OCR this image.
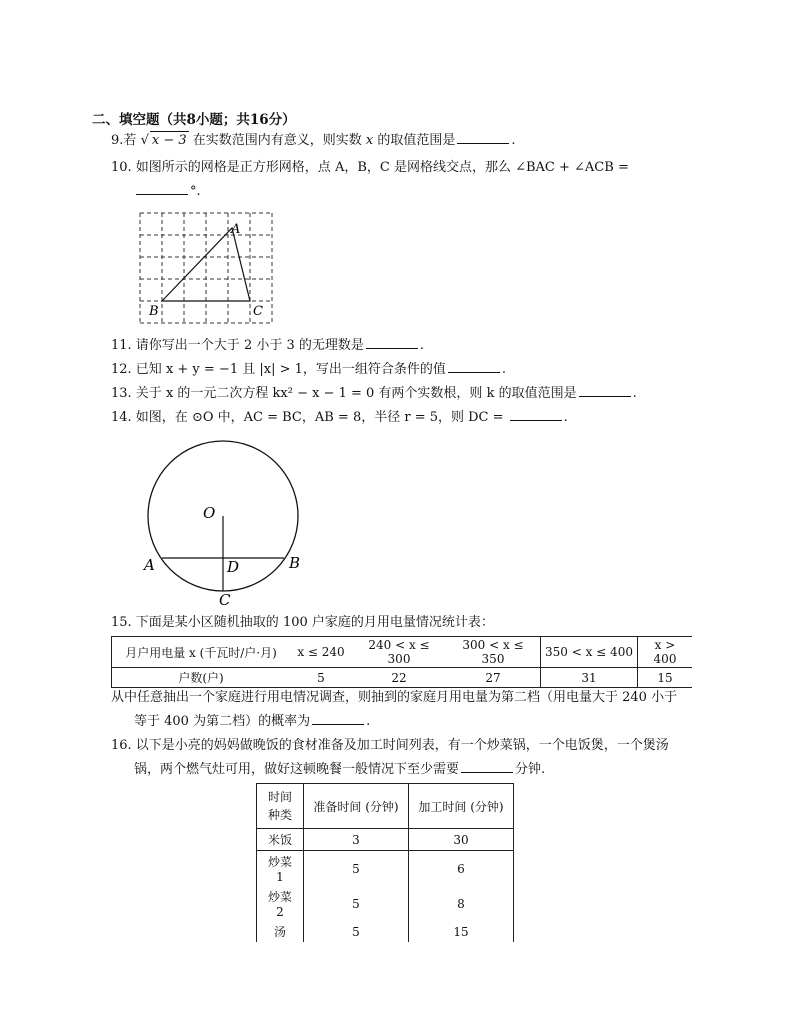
二、填空题（共8小题；共16分）
9.若 √ x − 3 在实数范围内有意义，则实数 x 的取值范围是	.
10. 如图所示的网格是正方形网格，点 A，B，C 是网格线交点，那么 ∠BAC + ∠ACB =
°.
A
B	C
11. 请你写出一个大于 2 小于 3 的无理数是	.
12. 已知 x + y = −1 且 |x| > 1，写出一组符合条件的值	.
13. 关于 x 的一元二次方程 kx² − x − 1 = 0 有两个实数根，则 k 的取值范围是	.
14. 如图，在 ⊙O 中，AC = BC，AB = 8，半径 r = 5，则 DC =	.
O
A	B
D
C
15. 下面是某小区随机抽取的 100 户家庭的月用电量情况统计表：
月户用电量 x (千瓦时/户·月)	x ≤ 240	240 < x ≤ 300	300 < x ≤ 350	350 < x ≤ 400	x > 400
户数(户)	5	22	27	31	15
从中任意抽出一个家庭进行用电情况调查，则抽到的家庭月用电量为第二档（用电量大于 240 小于
等于 400 为第二档）的概率为	.
16. 以下是小亮的妈妈做晚饭的食材准备及加工时间列表，有一个炒菜锅，一个电饭煲，一个煲汤
锅，两个燃气灶可用，做好这顿晚餐一般情况下至少需要	分钟.
时间
种类	准备时间 (分钟)	加工时间 (分钟)
米饭	3	30
炒菜 1	5	6
炒菜 2	5	8
汤	5	15
